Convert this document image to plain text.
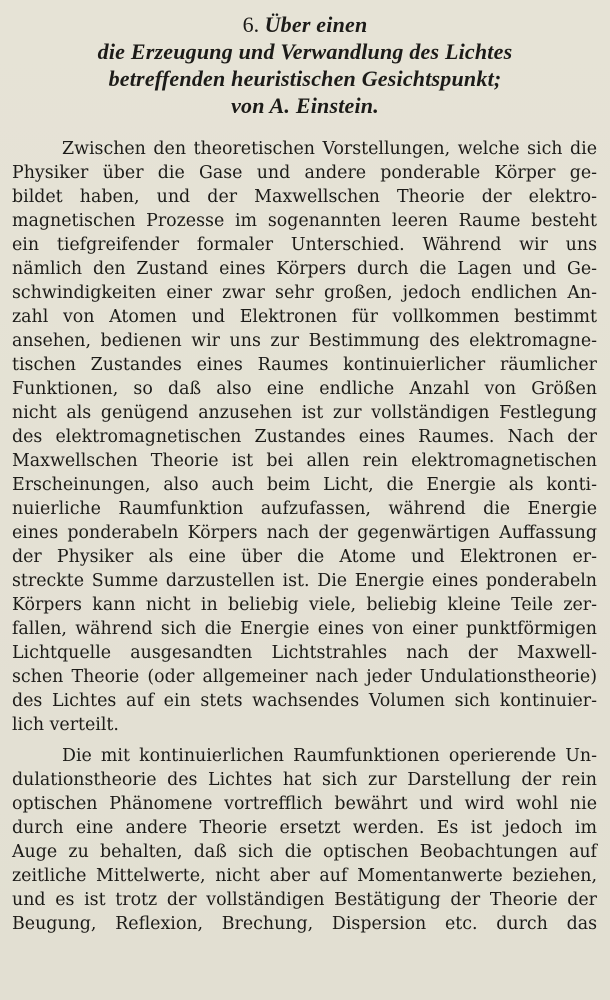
6. Über einen
die Erzeugung und Verwandlung des Lichtes
betreffenden heuristischen Gesichtspunkt;
von A. Einstein.
Zwischen den theoretischen Vorstellungen, welche sich die
Physiker über die Gase und andere ponderable Körper ge-
bildet haben, und der Maxwellschen Theorie der elektro-
magnetischen Prozesse im sogenannten leeren Raume besteht
ein tiefgreifender formaler Unterschied. Während wir uns
nämlich den Zustand eines Körpers durch die Lagen und Ge-
schwindigkeiten einer zwar sehr großen, jedoch endlichen An-
zahl von Atomen und Elektronen für vollkommen bestimmt
ansehen, bedienen wir uns zur Bestimmung des elektromagne-
tischen Zustandes eines Raumes kontinuierlicher räumlicher
Funktionen, so daß also eine endliche Anzahl von Größen
nicht als genügend anzusehen ist zur vollständigen Festlegung
des elektromagnetischen Zustandes eines Raumes. Nach der
Maxwellschen Theorie ist bei allen rein elektromagnetischen
Erscheinungen, also auch beim Licht, die Energie als konti-
nuierliche Raumfunktion aufzufassen, während die Energie
eines ponderabeln Körpers nach der gegenwärtigen Auffassung
der Physiker als eine über die Atome und Elektronen er-
streckte Summe darzustellen ist. Die Energie eines ponderabeln
Körpers kann nicht in beliebig viele, beliebig kleine Teile zer-
fallen, während sich die Energie eines von einer punktförmigen
Lichtquelle ausgesandten Lichtstrahles nach der Maxwell-
schen Theorie (oder allgemeiner nach jeder Undulationstheorie)
des Lichtes auf ein stets wachsendes Volumen sich kontinuier-
lich verteilt.
Die mit kontinuierlichen Raumfunktionen operierende Un-
dulationstheorie des Lichtes hat sich zur Darstellung der rein
optischen Phänomene vortrefflich bewährt und wird wohl nie
durch eine andere Theorie ersetzt werden. Es ist jedoch im
Auge zu behalten, daß sich die optischen Beobachtungen auf
zeitliche Mittelwerte, nicht aber auf Momentanwerte beziehen,
und es ist trotz der vollständigen Bestätigung der Theorie der
Beugung, Reflexion, Brechung, Dispersion etc. durch das
